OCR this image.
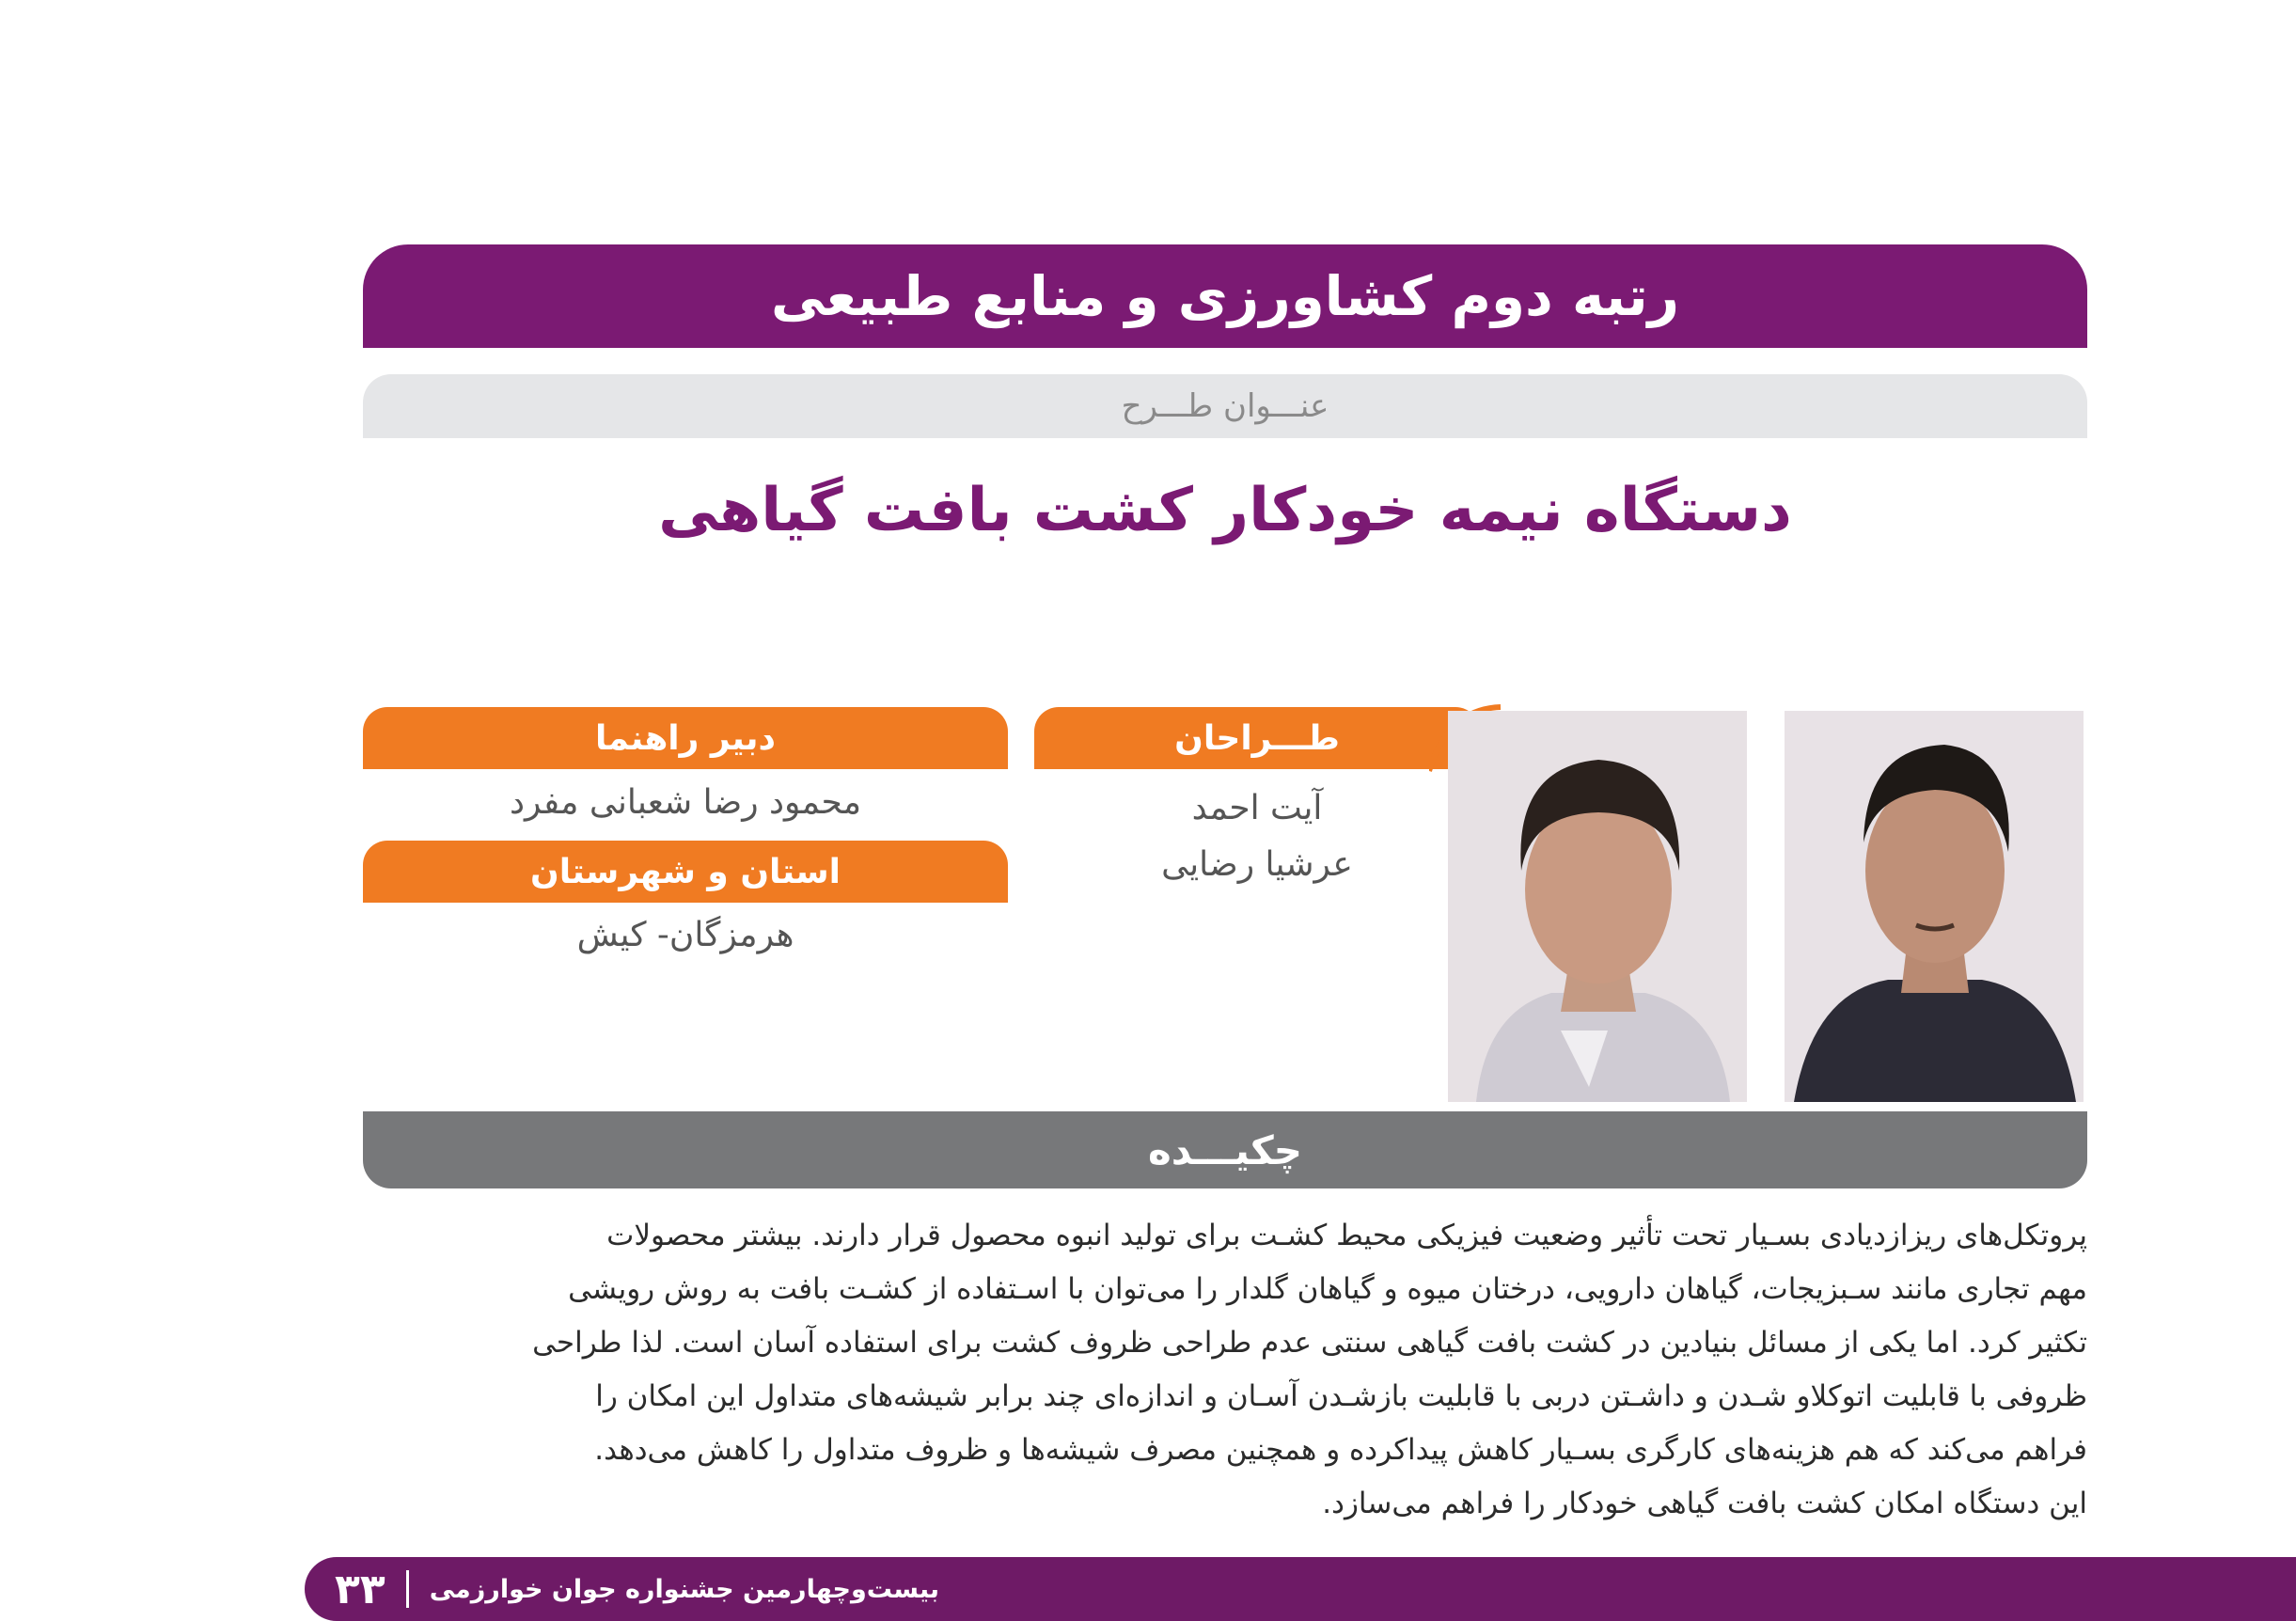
رتبه دوم کشاورزی و منابع طبیعی
عنـــوان طـــرح
دستگاه نیمه خودکار کشت بافت گیاهی
طـــراحان
آیت احمد
عرشیا رضایی
دبیر راهنما
محمود رضا شعبانی مفرد
استان و شهرستان
هرمزگان- کیش
چکیـــده

پروتکل‌های ریزازدیادی بسـیار تحت تأثیر وضعیت فیزیکی محیط کشـت برای تولید انبوه محصول قرار دارند. بیشتر محصولات

مهم تجاری مانند سـبزیجات، گیاهان دارویی، درختان میوه و گیاهان گلدار را می‌توان با اسـتفاده از کشـت بافت به روش رویشی

تکثیر کرد. اما یکی از مسائل بنیادین در کشت بافت گیاهی سنتی عدم طراحی ظروف کشت برای استفاده آسان است. لذا طراحی

ظروفی با قابلیت اتوکلاو شـدن و داشـتن دربی با قابلیت بازشـدن آسـان و اندازه‌ای چند برابر شیشه‌های متداول این امکان را

فراهم می‌کند که هم هزینه‌های کارگری بسـیار کاهش پیداکرده و همچنین مصرف شیشه‌ها و ظروف متداول را کاهش می‌دهد.

این دستگاه امکان کشت بافت گیاهی خودکار را فراهم می‌سازد.

۳۳ بیست‌وچهارمین جشنواره جوان خوارزمی
